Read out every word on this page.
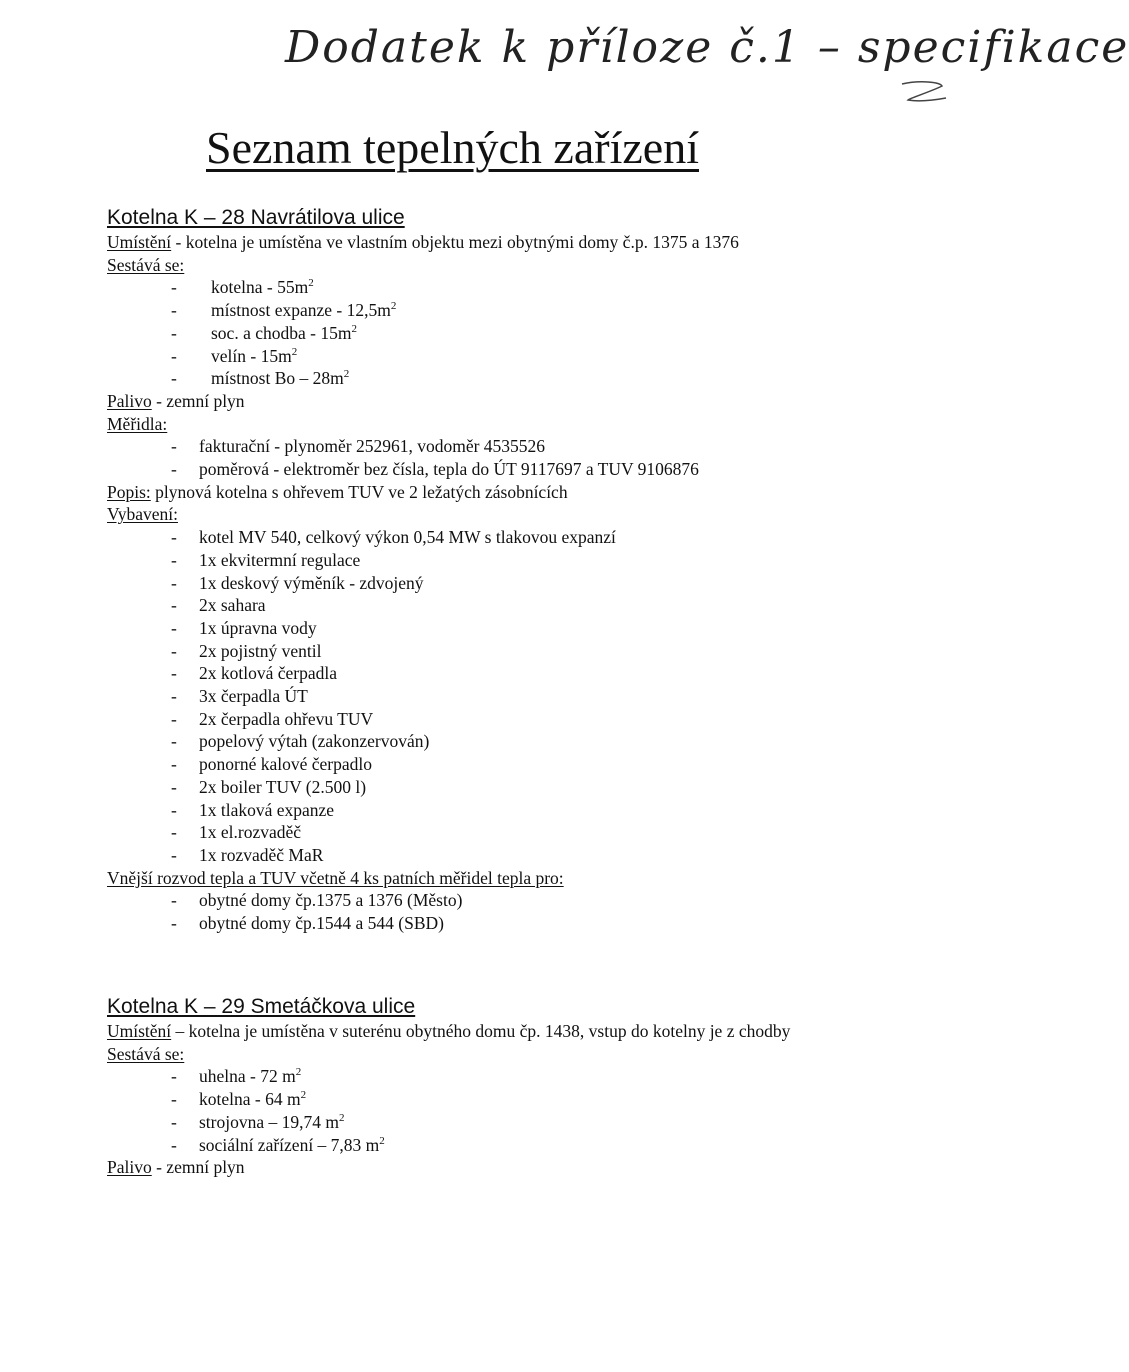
Dodatek k příloze č.1 – specifikace
Seznam tepelných zařízení
Kotelna K – 28 Navrátilova ulice
Umístění - kotelna je umístěna ve vlastním objektu mezi obytnými domy č.p. 1375 a 1376
Sestává se:
- kotelna - $55m^2$
- místnost expanze - $12,5m^2$
- soc. a chodba - $15m^2$
- velín - $15m^2$
- místnost Bo – $28m^2$
Palivo - zemní plyn
Měřidla:
- fakturační - plynoměr 252961, vodoměr 4535526
- poměrová - elektroměr bez čísla, tepla do ÚT 9117697 a TUV 9106876
Popis: plynová kotelna s ohřevem TUV ve 2 ležatých zásobnících
Vybavení:
- kotel MV 540, celkový výkon 0,54 MW s tlakovou expanzí
- 1x ekvitermní regulace
- 1x deskový výměník - zdvojený
- 2x sahara
- 1x úpravna vody
- 2x pojistný ventil
- 2x kotlová čerpadla
- 3x čerpadla ÚT
- 2x čerpadla ohřevu TUV
- popelový výtah (zakonzervován)
- ponorné kalové čerpadlo
- 2x boiler TUV (2.500 l)
- 1x tlaková expanze
- 1x el.rozvaděč
- 1x rozvaděč MaR
Vnější rozvod tepla a TUV včetně 4 ks patních měřidel tepla pro:
- obytné domy čp.1375 a 1376 (Město)
- obytné domy čp.1544 a 544 (SBD)
Kotelna K – 29 Smetáčkova ulice
Umístění – kotelna je umístěna v suterénu obytného domu čp. 1438, vstup do kotelny je z chodby
Sestává se:
- uhelna - 72 $m^2$
- kotelna - 64 $m^2$
- strojovna – 19,74 $m^2$
- sociální zařízení – 7,83 $m^2$
Palivo - zemní plyn
